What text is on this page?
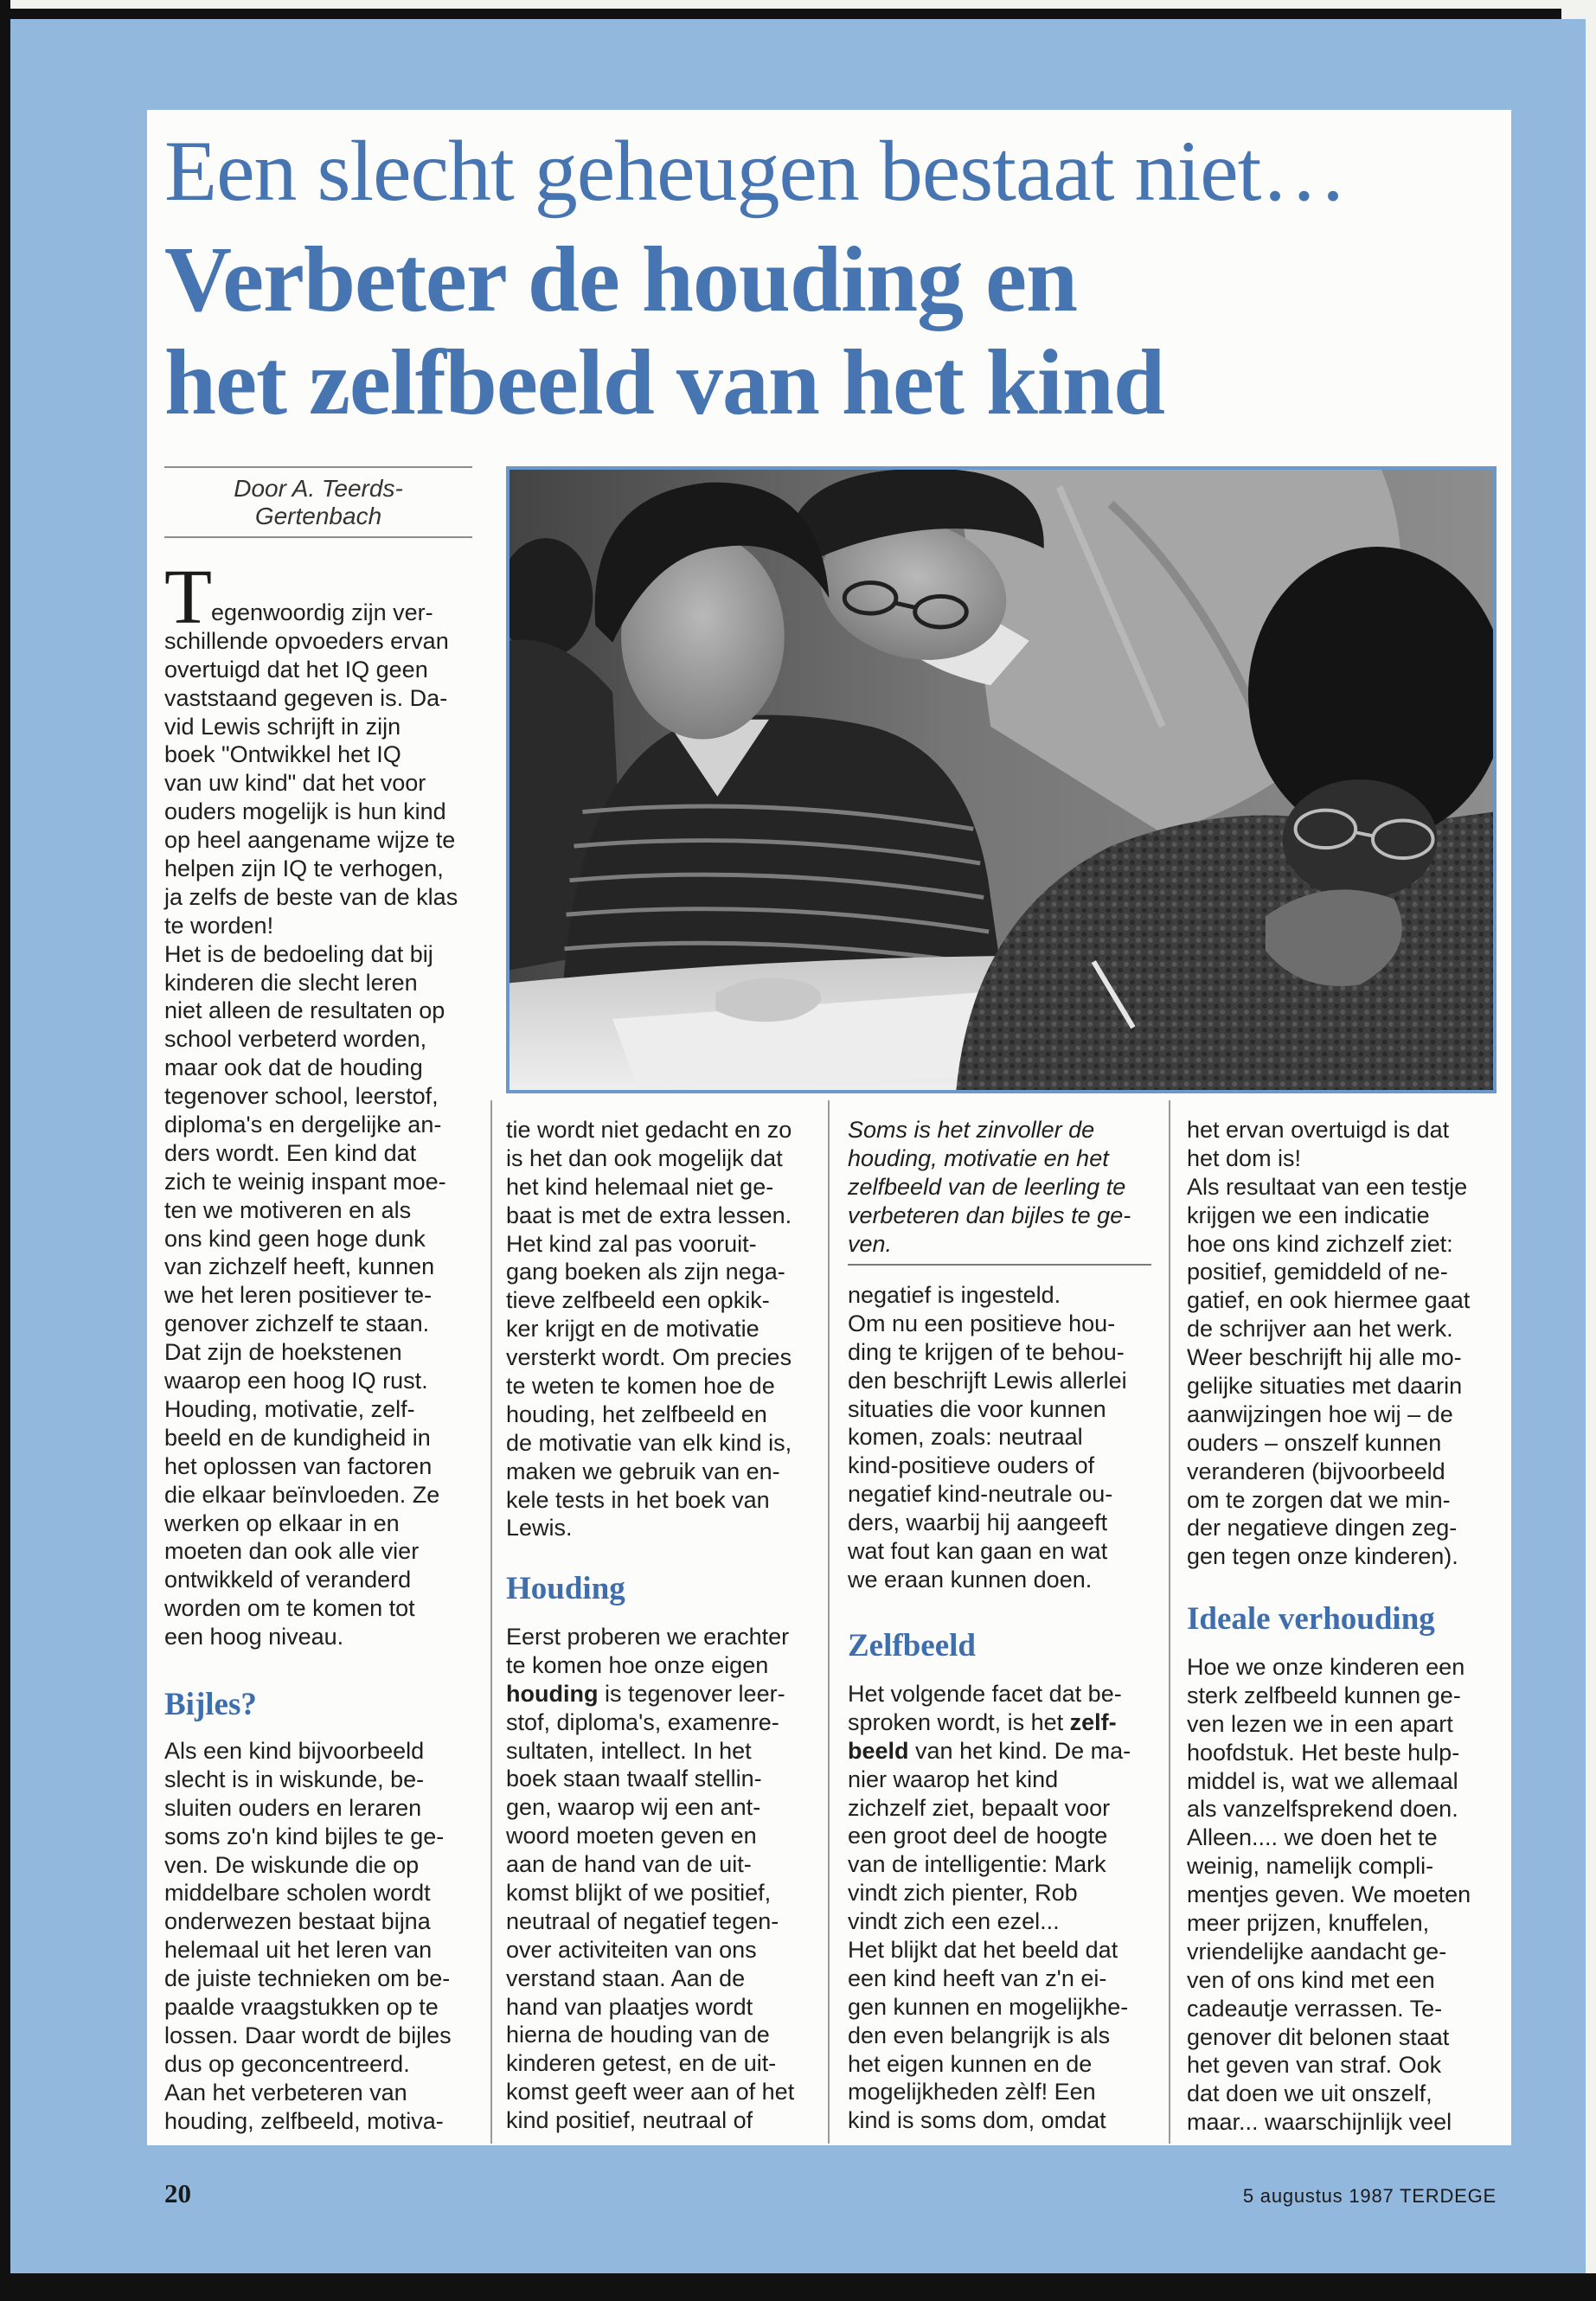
Een slecht geheugen bestaat niet…
Verbeter de houding en
het zelfbeeld van het kind
Door A. Teerds-
Gertenbach
T egenwoordig zijn ver-
schillende opvoeders ervan
overtuigd dat het IQ geen
vaststaand gegeven is. Da-
vid Lewis schrijft in zijn
boek "Ontwikkel het IQ
van uw kind" dat het voor
ouders mogelijk is hun kind
op heel aangename wijze te
helpen zijn IQ te verhogen,
ja zelfs de beste van de klas
te worden!
Het is de bedoeling dat bij
kinderen die slecht leren
niet alleen de resultaten op
school verbeterd worden,
maar ook dat de houding
tegenover school, leerstof,
diploma's en dergelijke an-
ders wordt. Een kind dat
zich te weinig inspant moe-
ten we motiveren en als
ons kind geen hoge dunk
van zichzelf heeft, kunnen
we het leren positiever te-
genover zichzelf te staan.
Dat zijn de hoekstenen
waarop een hoog IQ rust.
Houding, motivatie, zelf-
beeld en de kundigheid in
het oplossen van factoren
die elkaar beïnvloeden. Ze
werken op elkaar in en
moeten dan ook alle vier
ontwikkeld of veranderd
worden om te komen tot
een hoog niveau.
Bijles?
Als een kind bijvoorbeeld
slecht is in wiskunde, be-
sluiten ouders en leraren
soms zo'n kind bijles te ge-
ven. De wiskunde die op
middelbare scholen wordt
onderwezen bestaat bijna
helemaal uit het leren van
de juiste technieken om be-
paalde vraagstukken op te
lossen. Daar wordt de bijles
dus op geconcentreerd.
Aan het verbeteren van
houding, zelfbeeld, motiva-
tie wordt niet gedacht en zo
is het dan ook mogelijk dat
het kind helemaal niet ge-
baat is met de extra lessen.
Het kind zal pas vooruit-
gang boeken als zijn nega-
tieve zelfbeeld een opkik-
ker krijgt en de motivatie
versterkt wordt. Om precies
te weten te komen hoe de
houding, het zelfbeeld en
de motivatie van elk kind is,
maken we gebruik van en-
kele tests in het boek van
Lewis.
Houding
Eerst proberen we erachter
te komen hoe onze eigen
houding is tegenover leer-
stof, diploma's, examenre-
sultaten, intellect. In het
boek staan twaalf stellin-
gen, waarop wij een ant-
woord moeten geven en
aan de hand van de uit-
komst blijkt of we positief,
neutraal of negatief tegen-
over activiteiten van ons
verstand staan. Aan de
hand van plaatjes wordt
hierna de houding van de
kinderen getest, en de uit-
komst geeft weer aan of het
kind positief, neutraal of
Soms is het zinvoller de
houding, motivatie en het
zelfbeeld van de leerling te
verbeteren dan bijles te ge-
ven.
negatief is ingesteld.
Om nu een positieve hou-
ding te krijgen of te behou-
den beschrijft Lewis allerlei
situaties die voor kunnen
komen, zoals: neutraal
kind-positieve ouders of
negatief kind-neutrale ou-
ders, waarbij hij aangeeft
wat fout kan gaan en wat
we eraan kunnen doen.
Zelfbeeld
Het volgende facet dat be-
sproken wordt, is het zelf-
beeld van het kind. De ma-
nier waarop het kind
zichzelf ziet, bepaalt voor
een groot deel de hoogte
van de intelligentie: Mark
vindt zich pienter, Rob
vindt zich een ezel...
Het blijkt dat het beeld dat
een kind heeft van z'n ei-
gen kunnen en mogelijkhe-
den even belangrijk is als
het eigen kunnen en de
mogelijkheden zèlf! Een
kind is soms dom, omdat
het ervan overtuigd is dat
het dom is!
Als resultaat van een testje
krijgen we een indicatie
hoe ons kind zichzelf ziet:
positief, gemiddeld of ne-
gatief, en ook hiermee gaat
de schrijver aan het werk.
Weer beschrijft hij alle mo-
gelijke situaties met daarin
aanwijzingen hoe wij – de
ouders – onszelf kunnen
veranderen (bijvoorbeeld
om te zorgen dat we min-
der negatieve dingen zeg-
gen tegen onze kinderen).
Ideale verhouding
Hoe we onze kinderen een
sterk zelfbeeld kunnen ge-
ven lezen we in een apart
hoofdstuk. Het beste hulp-
middel is, wat we allemaal
als vanzelfsprekend doen.
Alleen.... we doen het te
weinig, namelijk compli-
mentjes geven. We moeten
meer prijzen, knuffelen,
vriendelijke aandacht ge-
ven of ons kind met een
cadeautje verrassen. Te-
genover dit belonen staat
het geven van straf. Ook
dat doen we uit onszelf,
maar... waarschijnlijk veel
20	5 augustus 1987 TERDEGE
